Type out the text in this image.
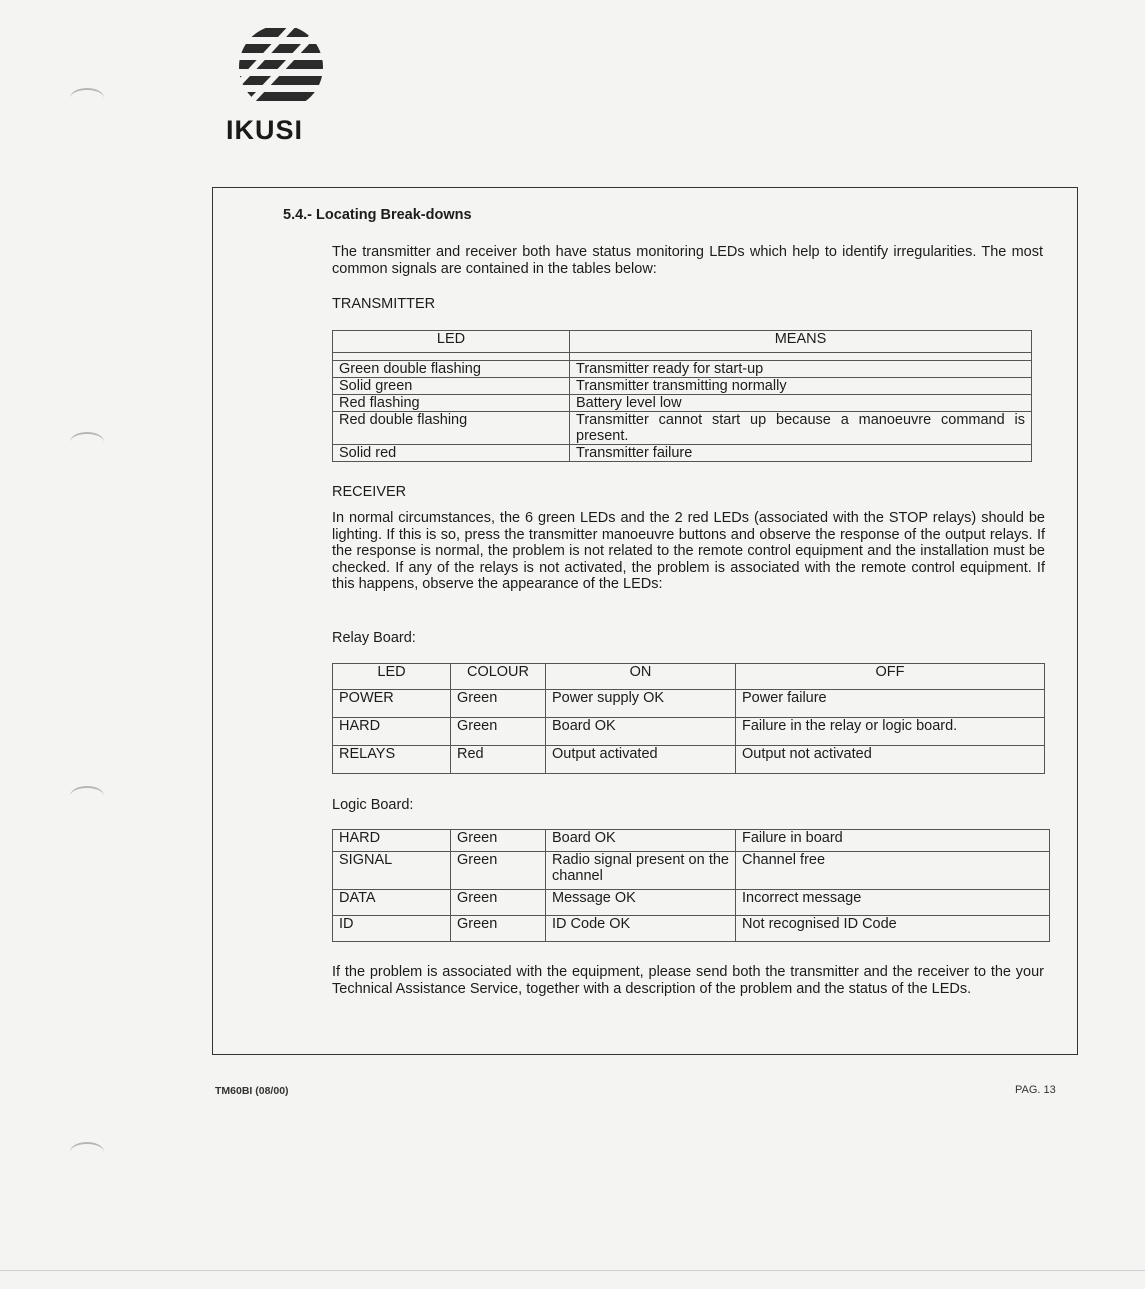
IKUSI
5.4.- Locating Break-downs

The transmitter and receiver both have status monitoring LEDs which help to identify irregularities. The most common signals are contained in the tables below:

TRANSMITTER
LED	MEANS

Green double flashing	Transmitter ready for start-up
Solid green	Transmitter transmitting normally
Red flashing	Battery level low
Red double flashing	Transmitter cannot start up because a manoeuvre command is present.
Solid red	Transmitter failure
RECEIVER

In normal circumstances, the 6 green LEDs and the 2 red LEDs (associated with the STOP relays) should be lighting. If this is so, press the transmitter manoeuvre buttons and observe the response of the output relays. If the response is normal, the problem is not related to the remote control equipment and the installation must be checked. If any of the relays is not activated, the problem is associated with the remote control equipment. If this happens, observe the appearance of the LEDs:

Relay Board:
LED	COLOUR	ON	OFF
POWER	Green	Power supply OK	Power failure
HARD	Green	Board OK	Failure in the relay or logic board.
RELAYS	Red	Output activated	Output not activated
Logic Board:
HARD	Green	Board OK	Failure in board
SIGNAL	Green	Radio signal present on the channel	Channel free
DATA	Green	Message OK	Incorrect message
ID	Green	ID Code OK	Not recognised ID Code

If the problem is associated with the equipment, please send both the transmitter and the receiver to the your Technical Assistance Service, together with a description of the problem and the status of the LEDs.

TM60BI (08/00)	PAG. 13
